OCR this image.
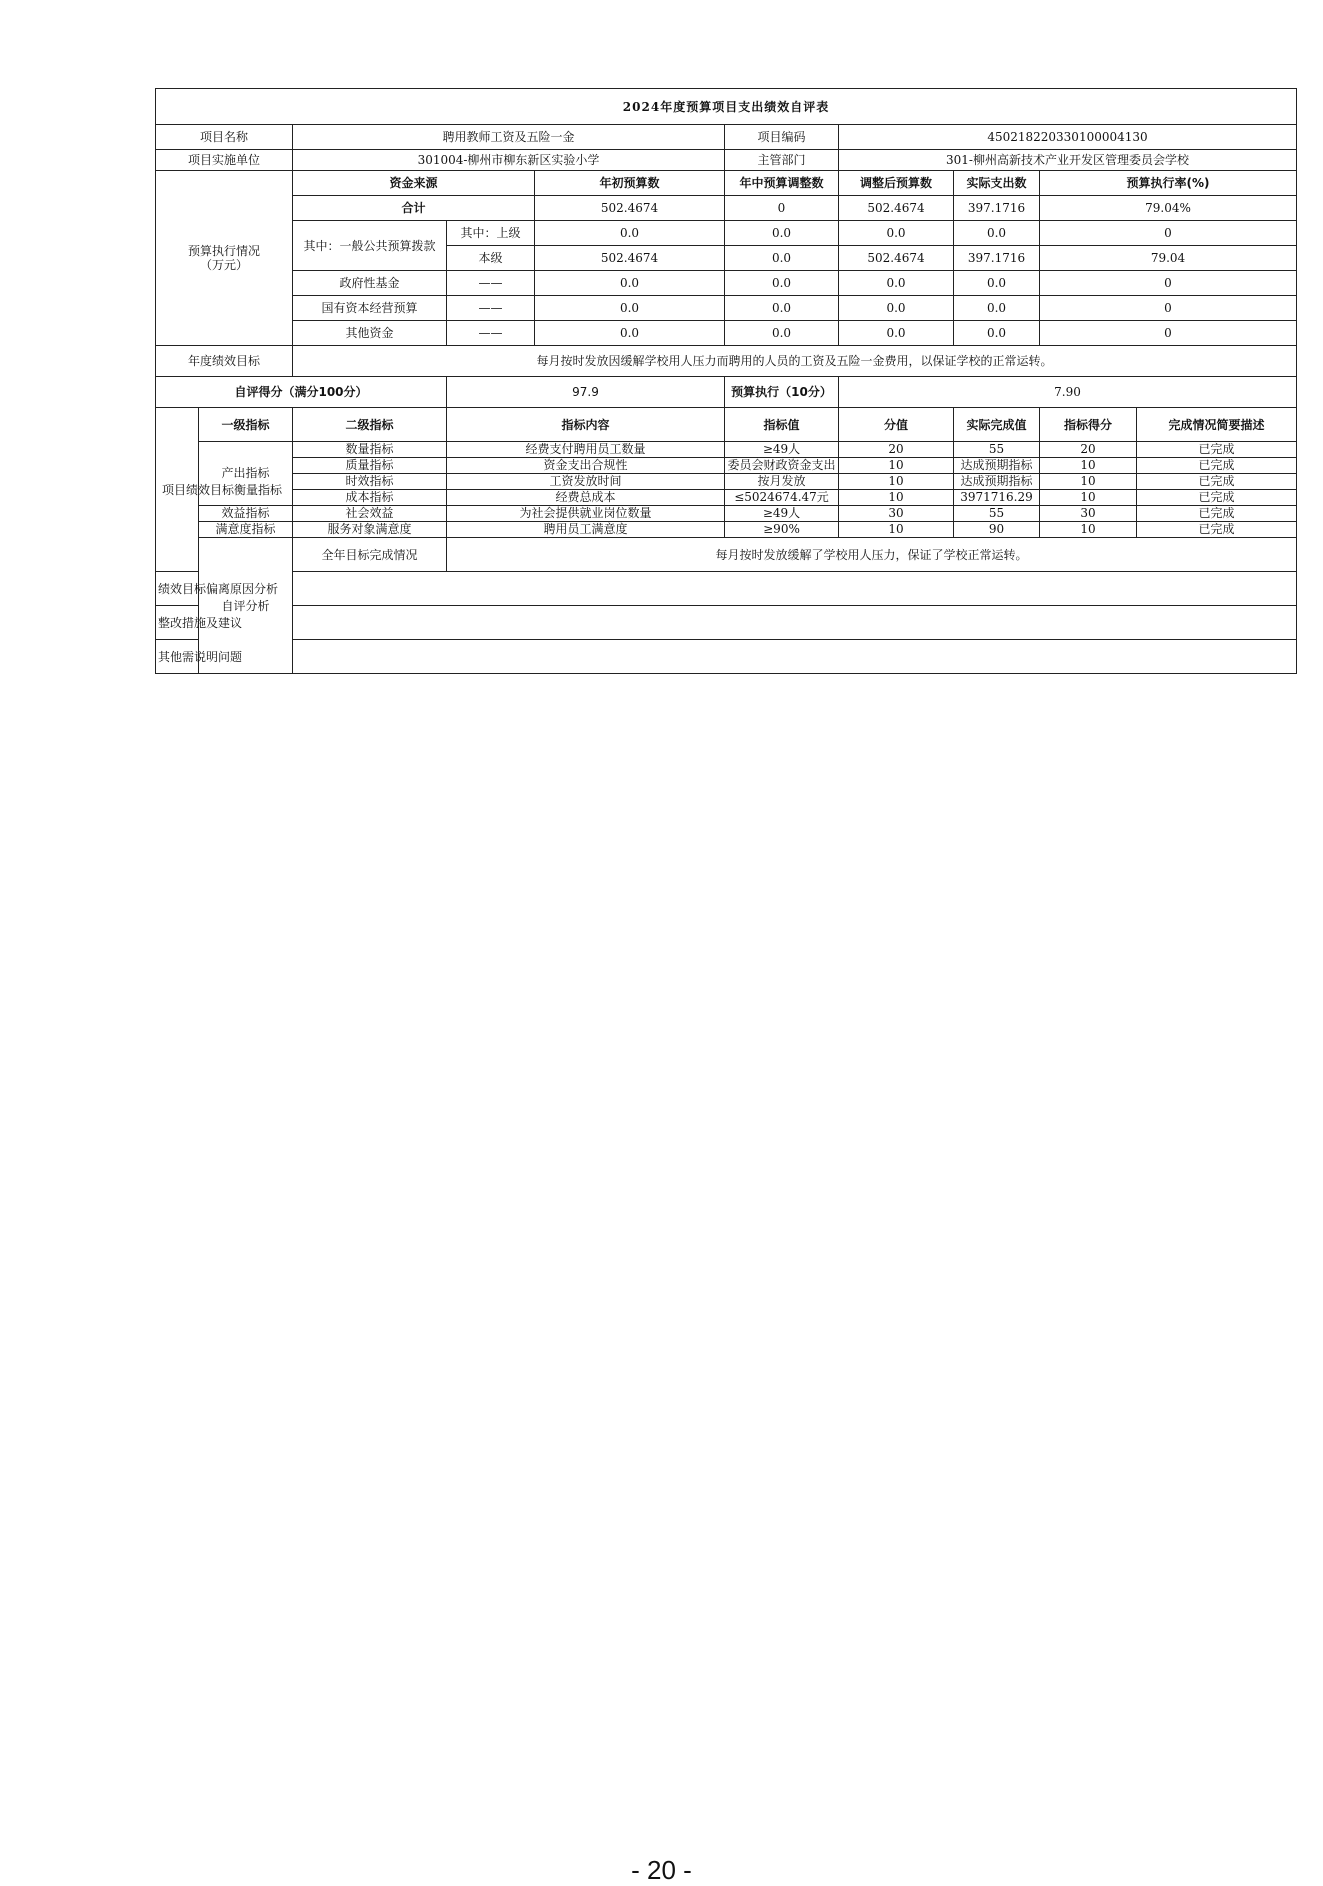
2024年度预算项目支出绩效自评表										
项目名称		聘用教师工资及五险一金			项目编码	450218220330100004130				
项目实施单位		301004-柳州市柳东新区实验小学			主管部门	301-柳州高新技术产业开发区管理委员会学校				
预算执行情况
（万元）		资金来源		年初预算数	年中预算调整数	调整后预算数	实际支出数	预算执行率(%)		
		合计		502.4674	0	502.4674	397.1716	79.04%		
		其中：一般公共预算拨款	其中：上级	0.0	0.0	0.0	0.0	0		
			本级	502.4674	0.0	502.4674	397.1716	79.04		
		政府性基金	——	0.0	0.0	0.0	0.0	0		
		国有资本经营预算	——	0.0	0.0	0.0	0.0	0		
		其他资金	——	0.0	0.0	0.0	0.0	0		
年度绩效目标		每月按时发放因缓解学校用人压力而聘用的人员的工资及五险一金费用，以保证学校的正常运转。								
自评得分（满分100分）			97.9		预算执行（10分）	7.90				
项目绩效目标衡量指标	一级指标	二级指标	指标内容		指标值	分值	实际完成值	指标得分	完成情况简要描述	
	产出指标	数量指标	经费支付聘用员工数量		≥49人	20	55	20	已完成	
		质量指标	资金支出合规性		委员会财政资金支出	10	达成预期指标	10	已完成	
		时效指标	工资发放时间		按月发放	10	达成预期指标	10	已完成	
		成本指标	经费总成本		≤5024674.47元	10	3971716.29	10	已完成	
	效益指标	社会效益	为社会提供就业岗位数量		≥49人	30	55	30	已完成	
	满意度指标	服务对象满意度	聘用员工满意度		≥90%	10	90	10	已完成	
	自评分析	全年目标完成情况	每月按时发放缓解了学校用人压力，保证了学校正常运转。							
绩效目标偏离原因分析										
整改措施及建议										
其他需说明问题										
- 20 -
